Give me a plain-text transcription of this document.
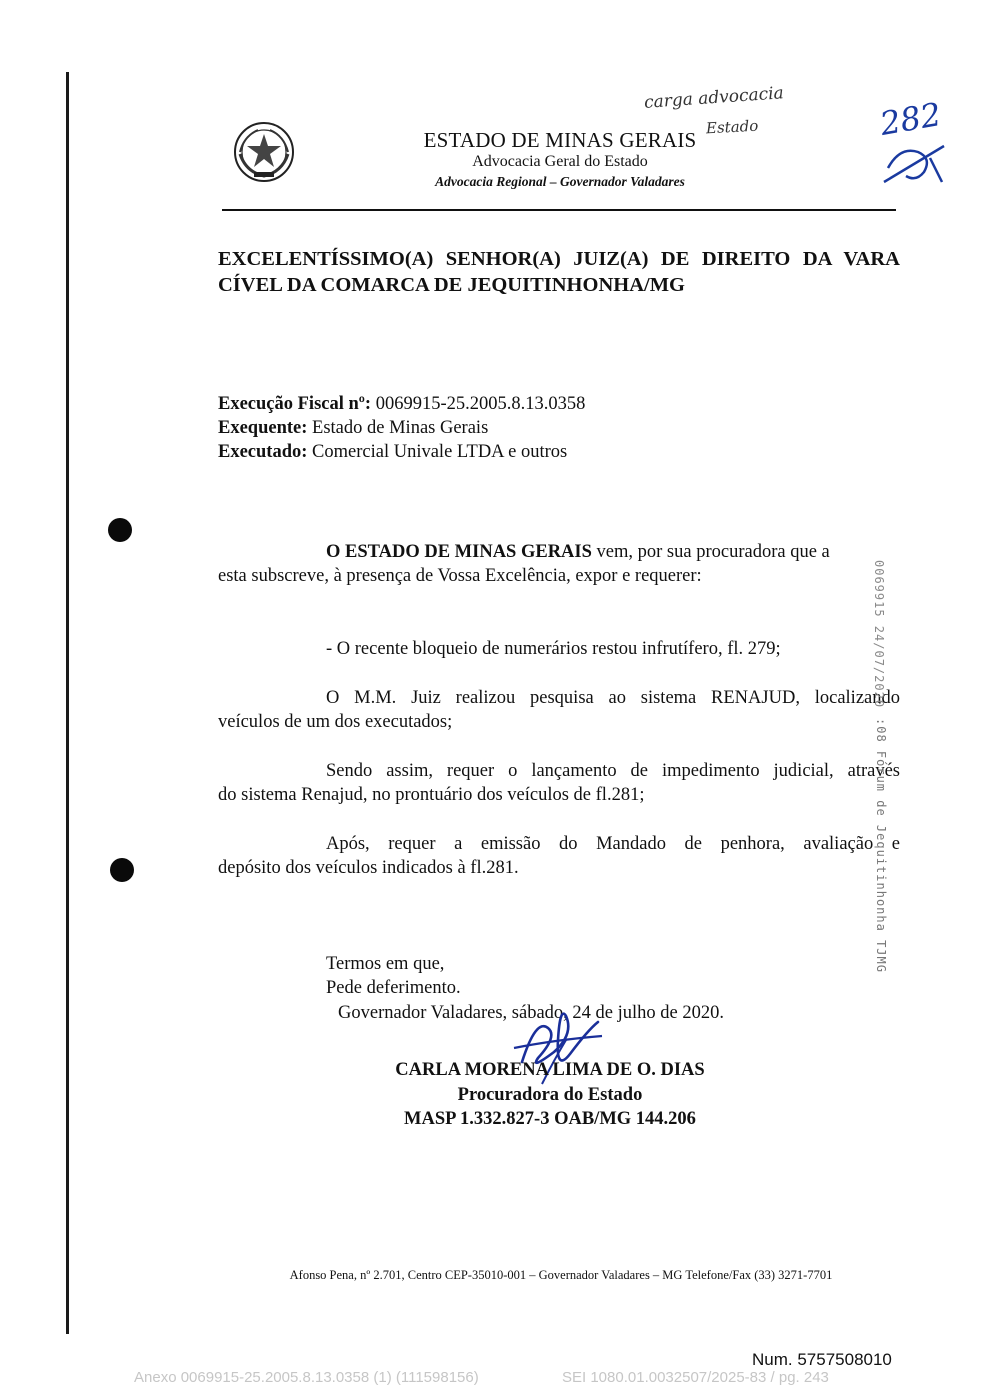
ESTADO DE MINAS GERAIS
Advocacia Geral do Estado
Advocacia Regional – Governador Valadares
carga advocacia
Estado	282
EXCELENTÍSSIMO(A) SENHOR(A) JUIZ(A) DE DIREITO DA VARA CÍVEL DA COMARCA DE JEQUITINHONHA/MG
Execução Fiscal nº: 0069915-25.2005.8.13.0358
Exequente: Estado de Minas Gerais
Executado: Comercial Univale LTDA e outros
O ESTADO DE MINAS GERAIS vem, por sua procuradora que a
esta subscreve, à presença de Vossa Excelência, expor e requerer:
- O recente bloqueio de numerários restou infrutífero, fl. 279;
O M.M. Juiz realizou pesquisa ao sistema RENAJUD, localizando
veículos de um dos executados;
Sendo assim, requer o lançamento de impedimento judicial, através
do sistema Renajud, no prontuário dos veículos de fl.281;
Após, requer a emissão do Mandado de penhora, avaliação e
depósito dos veículos indicados à fl.281.
0069915 24/07/2020
:08 Fórum de Jequitinhonha TJMG
Termos em que,
Pede deferimento.
Governador Valadares, sábado, 24 de julho de 2020.
CARLA MORENA LIMA DE O. DIAS
Procuradora do Estado
MASP 1.332.827-3 OAB/MG 144.206
Afonso Pena, nº 2.701, Centro CEP-35010-001 – Governador Valadares – MG Telefone/Fax (33) 3271-7701
Num. 5757508010
Anexo 0069915-25.2005.8.13.0358 (1) (111598156)	SEI 1080.01.0032507/2025-83 / pg. 243
